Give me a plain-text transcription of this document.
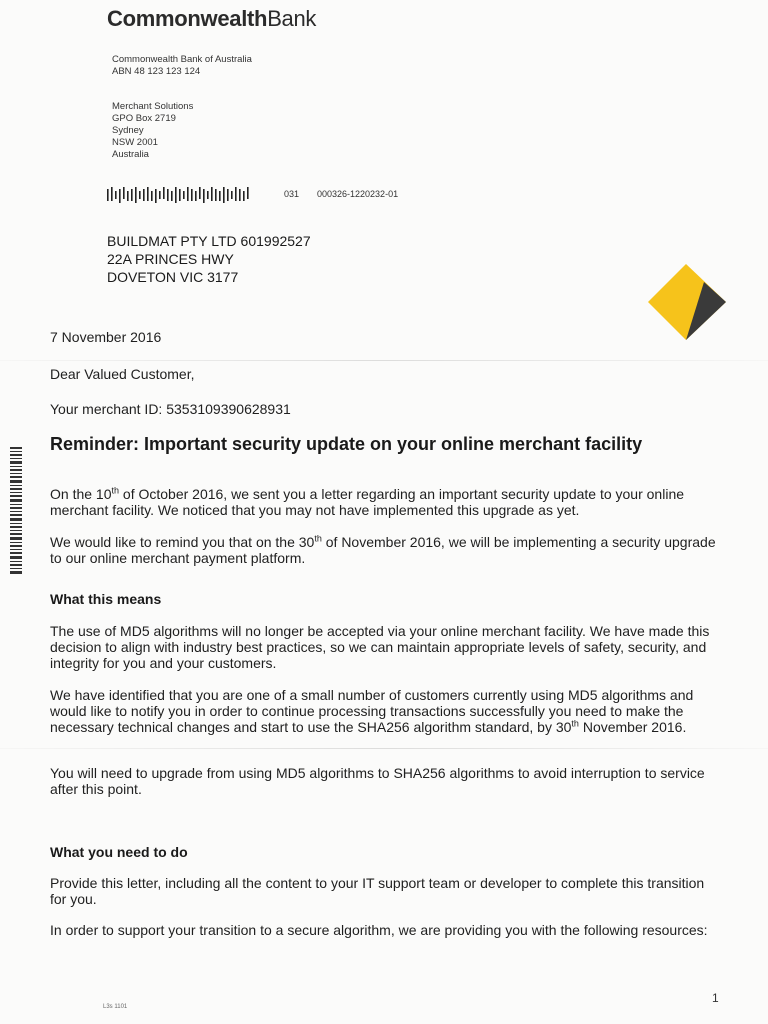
CommonwealthBank
Commonwealth Bank of Australia
ABN 48 123 123 124
Merchant Solutions
GPO Box 2719
Sydney
NSW 2001
Australia
031 000326-1220232-01
BUILDMAT PTY LTD 601992527
22A PRINCES HWY
DOVETON VIC 3177
7 November 2016
Dear Valued Customer,
Your merchant ID: 5353109390628931
Reminder: Important security update on your online merchant facility
On the 10th of October 2016, we sent you a letter regarding an important security update to your online merchant facility. We noticed that you may not have implemented this upgrade as yet.
We would like to remind you that on the 30th of November 2016, we will be implementing a security upgrade to our online merchant payment platform.
What this means
The use of MD5 algorithms will no longer be accepted via your online merchant facility. We have made this decision to align with industry best practices, so we can maintain appropriate levels of safety, security, and integrity for you and your customers.
We have identified that you are one of a small number of customers currently using MD5 algorithms and would like to notify you in order to continue processing transactions successfully you need to make the necessary technical changes and start to use the SHA256 algorithm standard, by 30th November 2016.
You will need to upgrade from using MD5 algorithms to SHA256 algorithms to avoid interruption to service after this point.
What you need to do
Provide this letter, including all the content to your IT support team or developer to complete this transition for you.
In order to support your transition to a secure algorithm, we are providing you with the following resources:
L3s 1101
1
